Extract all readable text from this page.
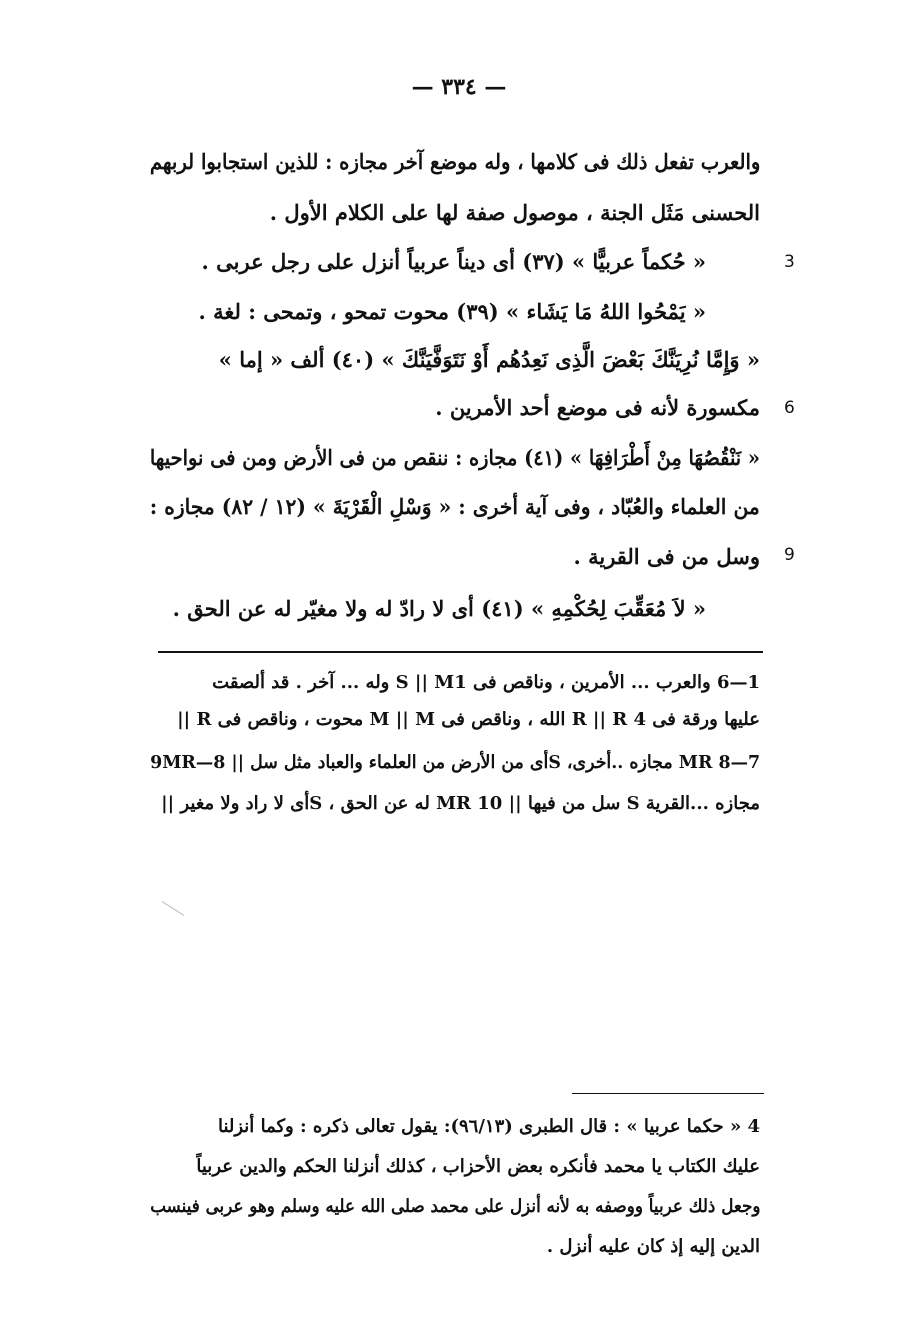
— ٣٣٤ —
والعرب تفعل ذلك فى كلامها ، وله موضع آخر مجازه : للذين استجابوا لربهم
الحسنى مَثَل الجنة ، موصول صفة لها على الكلام الأول .
« حُكماً عربيًّا » (٣٧) أى ديناً عربياً أنزل على رجل عربى .
« يَمْحُوا اللهُ مَا يَشَاء » (٣٩) محوت تمحو ، وتمحى : لغة .
« وَإِمَّا نُرِيَنَّكَ بَعْضَ الَّذِى نَعِدُهُم أَوْ نَتَوَفَّيَنَّكَ » (٤٠) ألف « إما »
مكسورة لأنه فى موضع أحد الأمرين .
« نَنْقُصُهَا مِنْ أَطْرَافِهَا » (٤١) مجازه : ننقص من فى الأرض ومن فى نواحيها
من العلماء والعُبّاد ، وفى آية أخرى : « وَسْلِ الْقَرْيَةَ » (١٢ / ٨٢) مجازه :
وسل من فى القرية .
« لاَ مُعَقِّبَ لِحُكْمِهِ » (٤١) أى لا رادّ له ولا مغيّر له عن الحق .
3
6
9
1—6 والعرب ... الأمرين ، وناقص فى S || M1 وله ... آخر . قد ألصقت
عليها ورقة فى R || R 4 الله ، وناقص فى M || M محوت ، وناقص فى R ||
7—8 MR مجازه ..أخرى، Sأى من الأرض من العلماء والعباد مثل سل || 8—9MR
مجازه ...القرية S سل من فيها || MR 10 له عن الحق ، Sأى لا راد ولا مغير ||
4 « حكما عربيا » : قال الطبرى (٩٦/١٣): يقول تعالى ذكره : وكما أنزلنا
عليك الكتاب يا محمد فأنكره بعض الأحزاب ، كذلك أنزلنا الحكم والدين عربياً
وجعل ذلك عربياً ووصفه به لأنه أنزل على محمد صلى الله عليه وسلم وهو عربى فينسب
الدين إليه إذ كان عليه أنزل .
